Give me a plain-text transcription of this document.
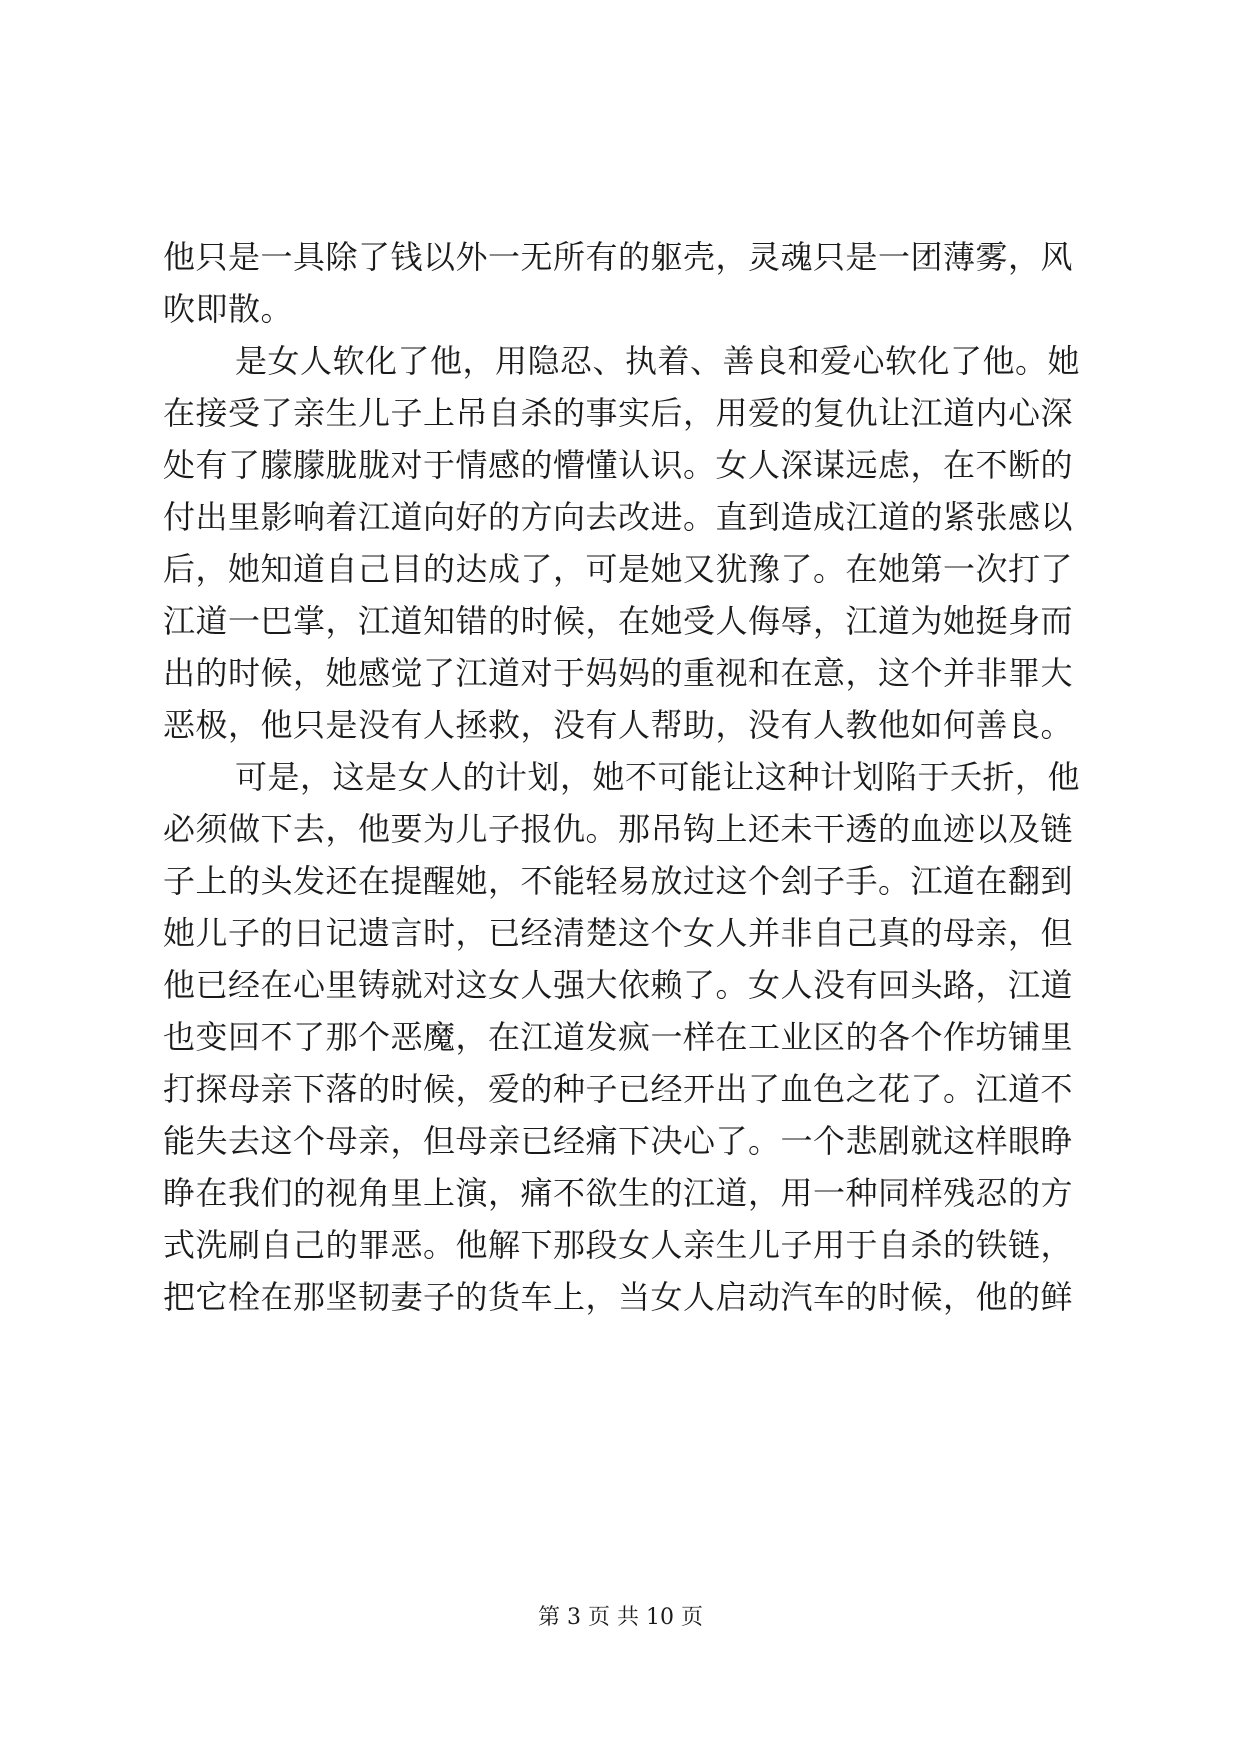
他只是一具除了钱以外一无所有的躯壳，灵魂只是一团薄雾，风
吹即散。
是女人软化了他，用隐忍、执着、善良和爱心软化了他。她
在接受了亲生儿子上吊自杀的事实后，用爱的复仇让江道内心深
处有了朦朦胧胧对于情感的懵懂认识。女人深谋远虑，在不断的
付出里影响着江道向好的方向去改进。直到造成江道的紧张感以
后，她知道自己目的达成了，可是她又犹豫了。在她第一次打了
江道一巴掌，江道知错的时候，在她受人侮辱，江道为她挺身而
出的时候，她感觉了江道对于妈妈的重视和在意，这个并非罪大
恶极，他只是没有人拯救，没有人帮助，没有人教他如何善良。
可是，这是女人的计划，她不可能让这种计划陷于夭折，他
必须做下去，他要为儿子报仇。那吊钩上还未干透的血迹以及链
子上的头发还在提醒她，不能轻易放过这个刽子手。江道在翻到
她儿子的日记遗言时，已经清楚这个女人并非自己真的母亲，但
他已经在心里铸就对这女人强大依赖了。女人没有回头路，江道
也变回不了那个恶魔，在江道发疯一样在工业区的各个作坊铺里
打探母亲下落的时候，爱的种子已经开出了血色之花了。江道不
能失去这个母亲，但母亲已经痛下决心了。一个悲剧就这样眼睁
睁在我们的视角里上演，痛不欲生的江道，用一种同样残忍的方
式洗刷自己的罪恶。他解下那段女人亲生儿子用于自杀的铁链，
把它栓在那坚韧妻子的货车上，当女人启动汽车的时候，他的鲜
第 3 页 共 10 页
